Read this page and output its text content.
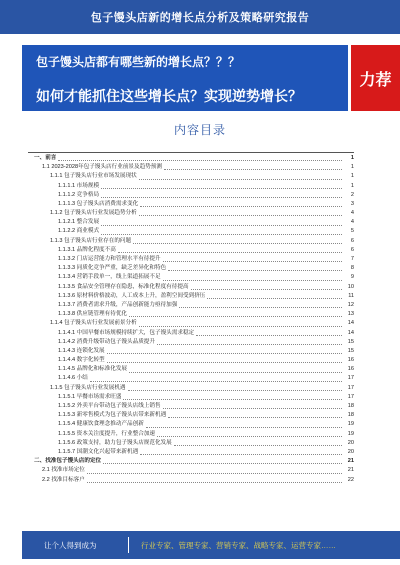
包子馒头店新的增长点分析及策略研究报告
包子馒头店都有哪些新的增长点？？？
如何才能抓住这些增长点？实现逆势增长？
力荐
内容目录
一、前言	1
1.1 2023-2028年包子馒头店行业前景及趋势预测	1
1.1.1 包子馒头店行业市场发展现状	1
1.1.1.1 市场规模	1
1.1.1.2 竞争格局	2
1.1.1.3 包子馒头店消费需求变化	3
1.1.2 包子馒头店行业发展趋势分析	4
1.1.2.1 整合发展	4
1.1.2.2 商业模式	5
1.1.3 包子馒头店行业存在的问题	6
1.1.3.1 品牌化程度不高	6
1.1.3.2 门店运营能力和管理水平有待提升	7
1.1.3.3 同质化竞争严重，缺乏差异化和特色	8
1.1.3.4 营销手段单一，线上渠道拓展不足	9
1.1.3.5 食品安全管理存在隐患，标准化程度有待提高	10
1.1.3.6 原材料价格波动，人工成本上升，盈利空间受到挤压	11
1.1.3.7 消费者需求升级，产品创新能力亟待加强	12
1.1.3.8 供应链管理有待优化	13
1.1.4 包子馒头店行业发展前景分析	14
1.1.4.1 中国早餐市场规模持续扩大，包子馒头需求稳定	14
1.1.4.2 消费升级带动包子馒头品质提升	15
1.1.4.3 连锁化发展	15
1.1.4.4 数字化转型	16
1.1.4.5 品牌化和标准化发展	16
1.1.4.6 小结	17
1.1.5 包子馒头店行业发展机遇	17
1.1.5.1 早餐市场需求旺盛	17
1.1.5.2 外卖平台带动包子馒头店线上销售	18
1.1.5.3 新零售模式为包子馒头店带来新机遇	18
1.1.5.4 健康饮食理念推动产品创新	19
1.1.5.5 资本关注度提升，行业整合加速	19
1.1.5.6 政策支持，助力包子馒头店规范化发展	20
1.1.5.7 国潮文化兴起带来新机遇	20
二、找准包子馒头店的定位	21
2.1 找准市场定位	21
2.2 找准目标客户	22
让个人得到成为	行业专家、管理专家、营销专家、战略专家、运营专家……
